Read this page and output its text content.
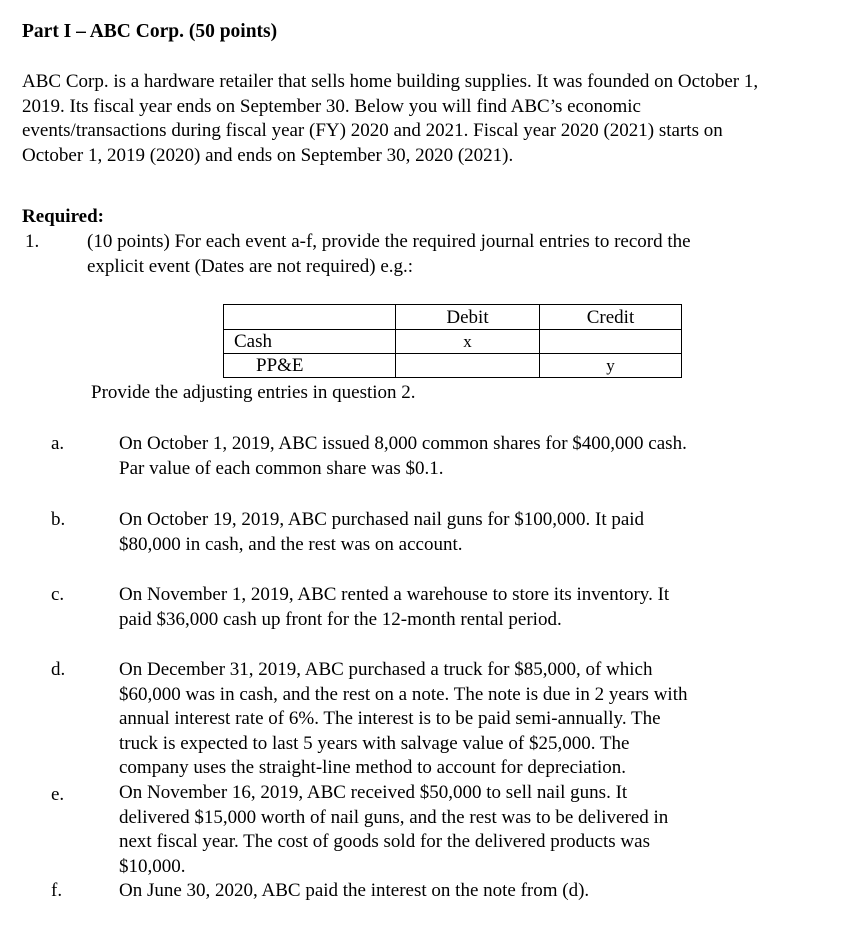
Part I – ABC Corp. (50 points)

ABC Corp. is a hardware retailer that sells home building supplies. It was founded on October 1,

2019. Its fiscal year ends on September 30. Below you will find ABC’s economic

events/transactions during fiscal year (FY) 2020 and 2021. Fiscal year 2020 (2021) starts on

October 1, 2019 (2020) and ends on September 30, 2020 (2021).

Required:
1.	(10 points) For each event a-f, provide the required journal entries to record the
explicit event (Dates are not required) e.g.:
	Debit	Credit
Cash	x	
PP&E		y
Provide the adjusting entries in question 2.
a.	On October 1, 2019, ABC issued 8,000 common shares for $400,000 cash.
Par value of each common share was $0.1.
b.	On October 19, 2019, ABC purchased nail guns for $100,000. It paid
$80,000 in cash, and the rest was on account.
c.	On November 1, 2019, ABC rented a warehouse to store its inventory. It
paid $36,000 cash up front for the 12-month rental period.
d.	On December 31, 2019, ABC purchased a truck for $85,000, of which
$60,000 was in cash, and the rest on a note. The note is due in 2 years with
annual interest rate of 6%. The interest is to be paid semi-annually. The
truck is expected to last 5 years with salvage value of $25,000. The
company uses the straight-line method to account for depreciation.
e.	On November 16, 2019, ABC received $50,000 to sell nail guns. It
delivered $15,000 worth of nail guns, and the rest was to be delivered in
next fiscal year. The cost of goods sold for the delivered products was
$10,000.
f.	On June 30, 2020, ABC paid the interest on the note from (d).
